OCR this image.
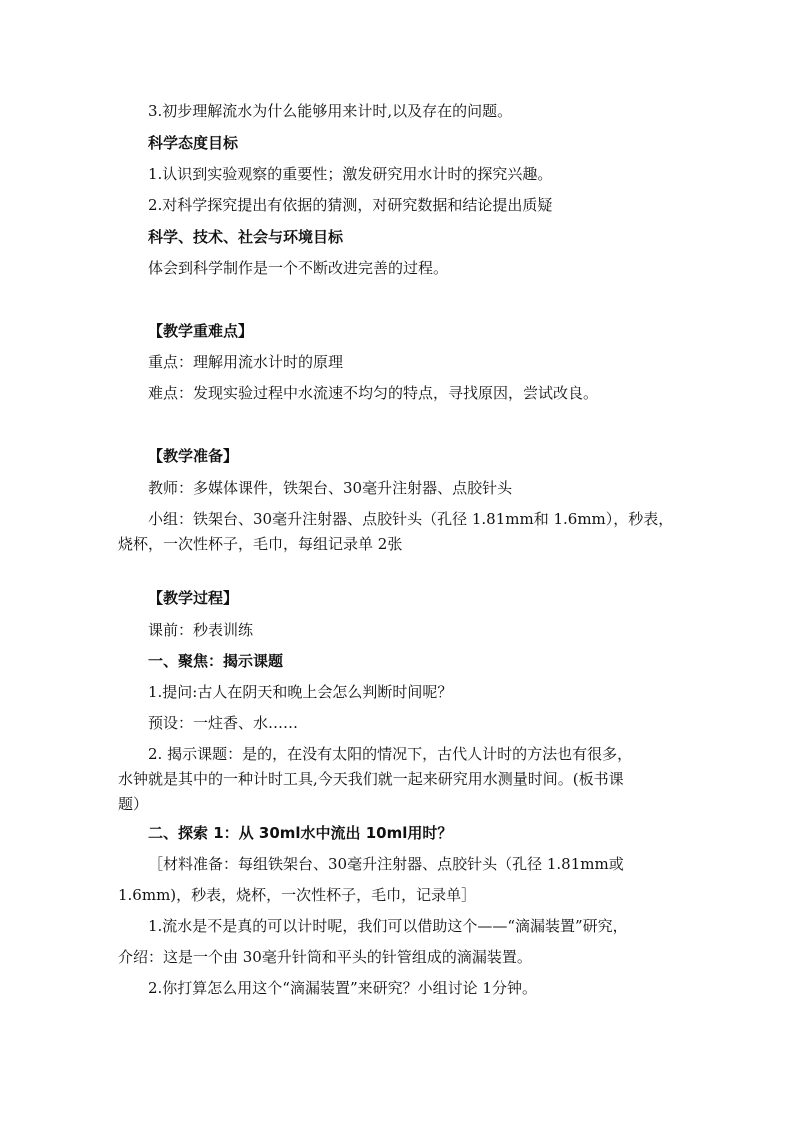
3.初步理解流水为什么能够用来计时,以及存在的问题。
科学态度目标
1.认识到实验观察的重要性；激发研究用水计时的探究兴趣。
2.对科学探究提出有依据的猜测，对研究数据和结论提出质疑
科学、技术、社会与环境目标
体会到科学制作是一个不断改进完善的过程。
【教学重难点】
重点：理解用流水计时的原理
难点：发现实验过程中水流速不均匀的特点，寻找原因，尝试改良。
【教学准备】
教师：多媒体课件，铁架台、30毫升注射器、点胶针头
小组：铁架台、30毫升注射器、点胶针头（孔径 1.81mm和 1.6mm），秒表，
烧杯，一次性杯子，毛巾，每组记录单 2张
【教学过程】
课前：秒表训练
一、聚焦：揭示课题
1.提问:古人在阴天和晚上会怎么判断时间呢？
预设：一炷香、水……
2. 揭示课题：是的，在没有太阳的情况下，古代人计时的方法也有很多，
水钟就是其中的一种计时工具,今天我们就一起来研究用水测量时间。(板书课
题）
二、探索 1：从 30ml水中流出 10ml用时？
［材料准备：每组铁架台、30毫升注射器、点胶针头（孔径 1.81mm或
1.6mm)，秒表，烧杯，一次性杯子，毛巾，记录单］
1.流水是不是真的可以计时呢，我们可以借助这个——“滴漏装置”研究，
介绍：这是一个由 30毫升针筒和平头的针管组成的滴漏装置。
2.你打算怎么用这个“滴漏装置”来研究？小组讨论 1分钟。
